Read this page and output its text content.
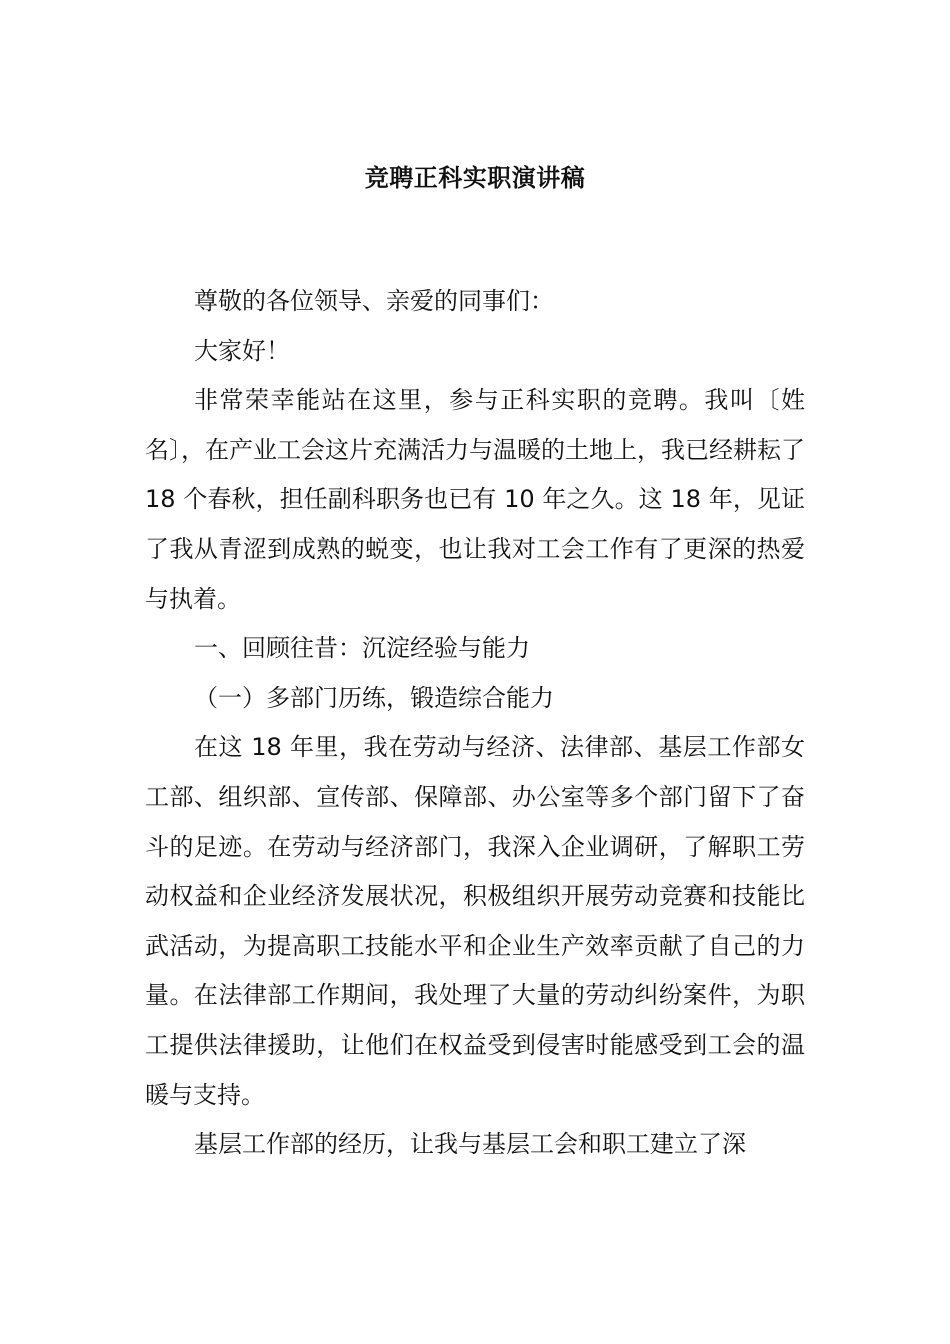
竞聘正科实职演讲稿

尊敬的各位领导、亲爱的同事们：

大家好！

非常荣幸能站在这里，参与正科实职的竞聘。我叫〔姓名〕，在产业工会这片充满活力与温暖的土地上，我已经耕耘了 18 个春秋，担任副科职务也已有 10 年之久。这 18 年，见证了我从青涩到成熟的蜕变，也让我对工会工作有了更深的热爱与执着。

一、回顾往昔：沉淀经验与能力

（一）多部门历练，锻造综合能力

在这 18 年里，我在劳动与经济、法律部、基层工作部女工部、组织部、宣传部、保障部、办公室等多个部门留下了奋斗的足迹。在劳动与经济部门，我深入企业调研，了解职工劳动权益和企业经济发展状况，积极组织开展劳动竞赛和技能比武活动，为提高职工技能水平和企业生产效率贡献了自己的力量。在法律部工作期间，我处理了大量的劳动纠纷案件，为职工提供法律援助，让他们在权益受到侵害时能感受到工会的温暖与支持。

基层工作部的经历，让我与基层工会和职工建立了深
